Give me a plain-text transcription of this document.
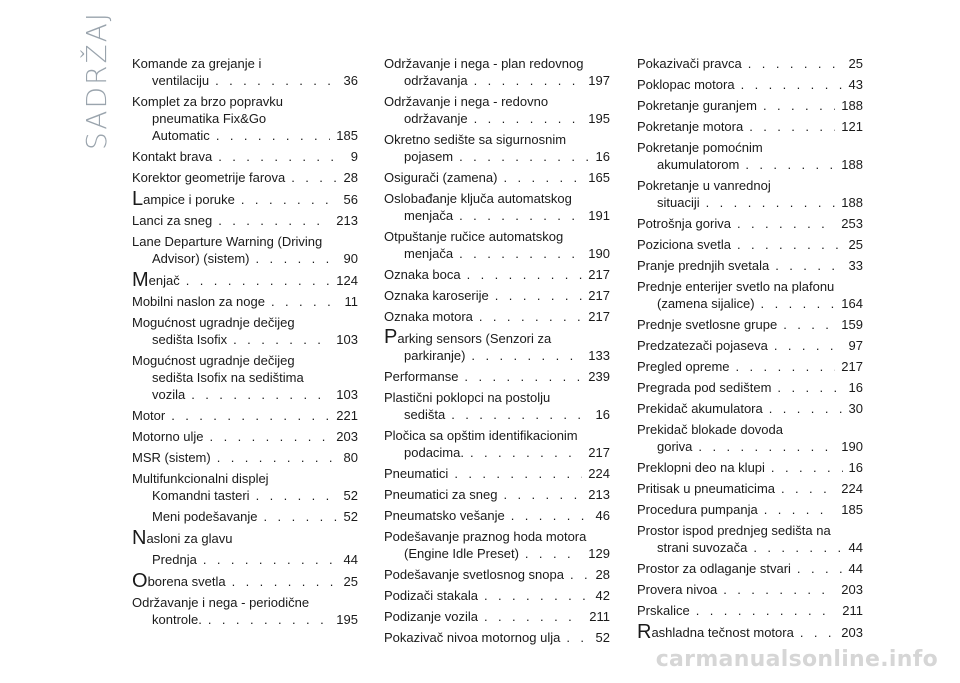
SADRŽAJ	Komande za grejanje i
ventilaciju . . .	36
Komplet za brzo popravku
pneumatika Fix&Go
Automatic . . .	185
Kontakt brava . . .	9
Korektor geometrije farova . . .	28
Lampice i poruke . . .	56
Lanci za sneg . . .	213
Lane Departure Warning (Driving
Advisor) (sistem) . . .	90
Menjač . . .	124
Mobilni naslon za noge . . .	11
Mogućnost ugradnje dečijeg
sedišta Isofix . . .	103
Mogućnost ugradnje dečijeg
sedišta Isofix na sedištima
vozila . . .	103
Motor . . .	221
Motorno ulje . . .	203
MSR (sistem) . . .	80
Multifunkcionalni displej
Komandni tasteri . . .	52
Meni podešavanje . . .	52
Nasloni za glavu
Prednja . . .	44
Oborena svetla . . .	25
Održavanje i nega - periodične
kontrole. . . .	195
Održavanje i nega - plan redovnog
održavanja . . .	197
Održavanje i nega - redovno
održavanje . . .	195
Okretno sedište sa sigurnosnim
pojasem . . .	16
Osigurači (zamena) . . .	165
Oslobađanje ključa automatskog
menjača . . .	191
Otpuštanje ručice automatskog
menjača . . .	190
Oznaka boca . . .	217
Oznaka karoserije . . .	217
Oznaka motora . . .	217
Parking sensors (Senzori za
parkiranje) . . .	133
Performanse . . .	239
Plastični poklopci na postolju
sedišta . . .	16
Pločica sa opštim identifikacionim
podacima. . . .	217
Pneumatici . . .	224
Pneumatici za sneg . . .	213
Pneumatsko vešanje . . .	46
Podešavanje praznog hoda motora
(Engine Idle Preset) . . .	129
Podešavanje svetlosnog snopa . . .	28
Podizači stakala . . .	42
Podizanje vozila . . .	211
Pokazivač nivoa motornog ulja . . .	52
Pokazivači pravca . . .	25
Poklopac motora . . .	43
Pokretanje guranjem . . .	188
Pokretanje motora . . .	121
Pokretanje pomoćnim
akumulatorom . . .	188
Pokretanje u vanrednoj
situaciji . . .	188
Potrošnja goriva . . .	253
Poziciona svetla . . .	25
Pranje prednjih svetala . . .	33
Prednje enterijer svetlo na plafonu
(zamena sijalice) . . .	164
Prednje svetlosne grupe . . .	159
Predzatezači pojaseva . . .	97
Pregled opreme . . .	217
Pregrada pod sedištem . . .	16
Prekidač akumulatora . . .	30
Prekidač blokade dovoda
goriva . . .	190
Preklopni deo na klupi . . .	16
Pritisak u pneumaticima . . .	224
Procedura pumpanja . . .	185
Prostor ispod prednjeg sedišta na
strani suvozača . . .	44
Prostor za odlaganje stvari . . .	44
Provera nivoa . . .	203
Prskalice . . .	211
Rashladna tečnost motora . . .	203
carmanualsonline.info
